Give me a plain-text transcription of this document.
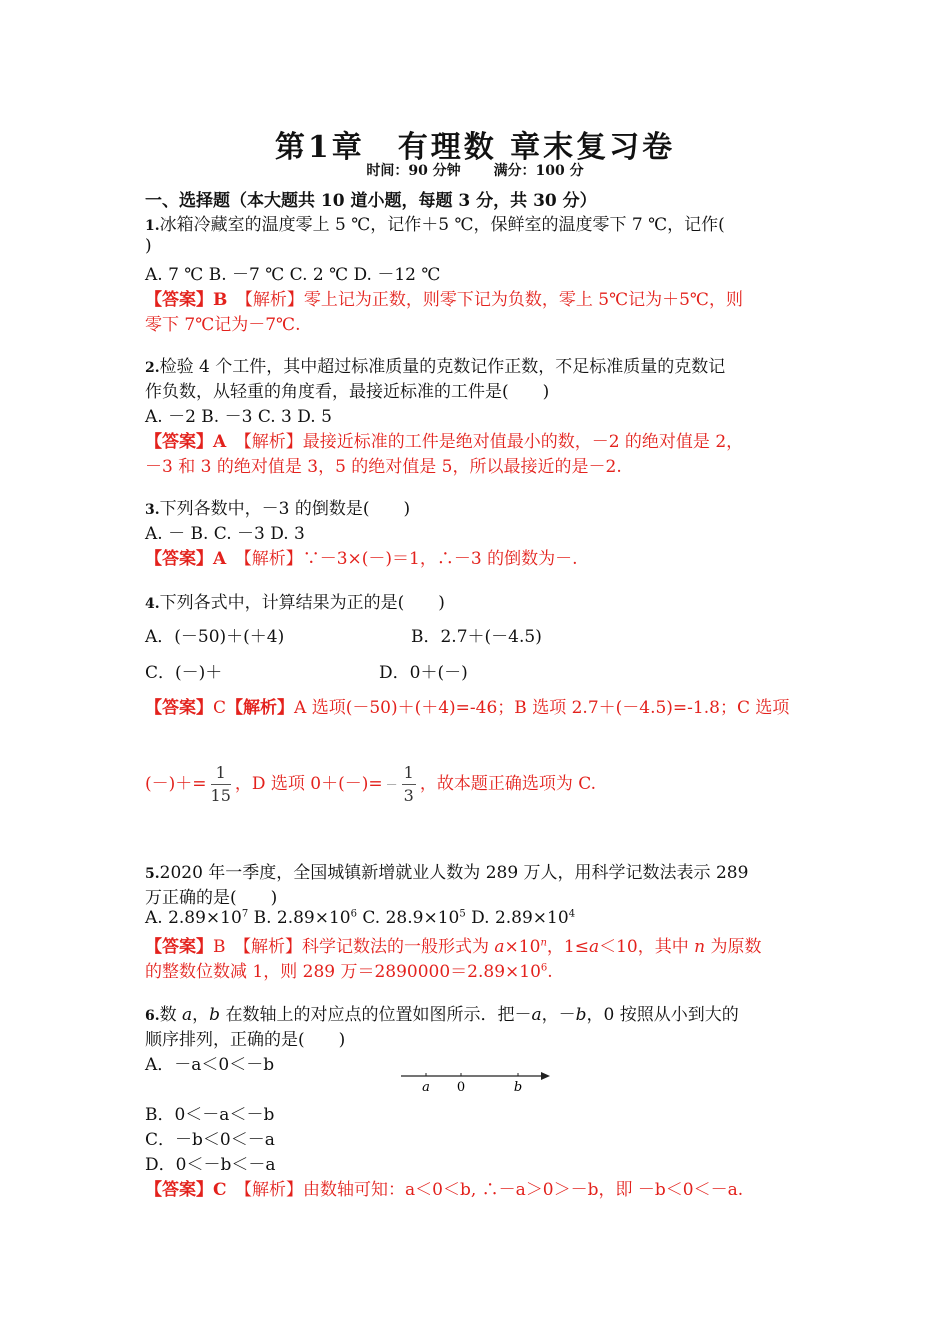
第1章　有理数 章末复习卷
时间：90 分钟 满分：100 分
一、选择题（本大题共 10 道小题，每题 3 分，共 30 分）
1.冰箱冷藏室的温度零上 5 ℃，记作＋5 ℃，保鲜室的温度零下 7 ℃，记作(
)
A. 7 ℃ B. －7 ℃ C. 2 ℃ D. －12 ℃
【答案】B　 【解析】零上记为正数，则零下记为负数，零上 5℃记为＋5℃，则
零下 7℃记为－7℃.
2.检验 4 个工件，其中超过标准质量的克数记作正数，不足标准质量的克数记
作负数，从轻重的角度看，最接近标准的工件是(　　)
A. －2 B. －3 C. 3 D. 5
【答案】A　 【解析】最接近标准的工件是绝对值最小的数，－2 的绝对值是 2，
－3 和 3 的绝对值是 3，5 的绝对值是 5，所以最接近的是－2.
3.下列各数中，－3 的倒数是(　　)
A. － B. C. －3 D. 3
【答案】A　 【解析】∵－3×(－)＝1，∴－3 的倒数为－.
4.下列各式中，计算结果为正的是(　　)
A．(－50)＋(＋4)	B．2.7＋(－4.5)
C．(－)＋	D．0＋(－)
【答案】C【解析】A 选项(－50)＋(＋4)=-46；B 选项 2.7＋(－4.5)=-1.8；C 选项
(－)＋= $\frac{1}{15}$ ，D 选项 $0+(-)= - \frac{1}{3}$ ，故本题正确选项为 C.
5.2020 年一季度，全国城镇新增就业人数为 289 万人，用科学记数法表示 289
万正确的是(　　)
A. $2.89\times 10^7$ B. $2.89\times 10^6$ C. $28.9\times 10^5$ D. $2.89\times 10^4$
【答案】B　 【解析】科学记数法的一般形式为 $a\times 10^n$，1≤a＜10，其中 n 为原数
的整数位数减 1，则 289 万$=2890000=2.89\times 10^6$.
6.数 a，b 在数轴上的对应点的位置如图所示．把－a，－b，0 按照从小到大的
顺序排列，正确的是(　　)
A．－a＜0＜－b
a 0	b
B．0＜－a＜－b
C．－b＜0＜－a
D．0＜－b＜－a
【答案】C　 【解析】由数轴可知：a＜0＜b, ∴－a＞0＞－b，即 －b＜0＜－a.
